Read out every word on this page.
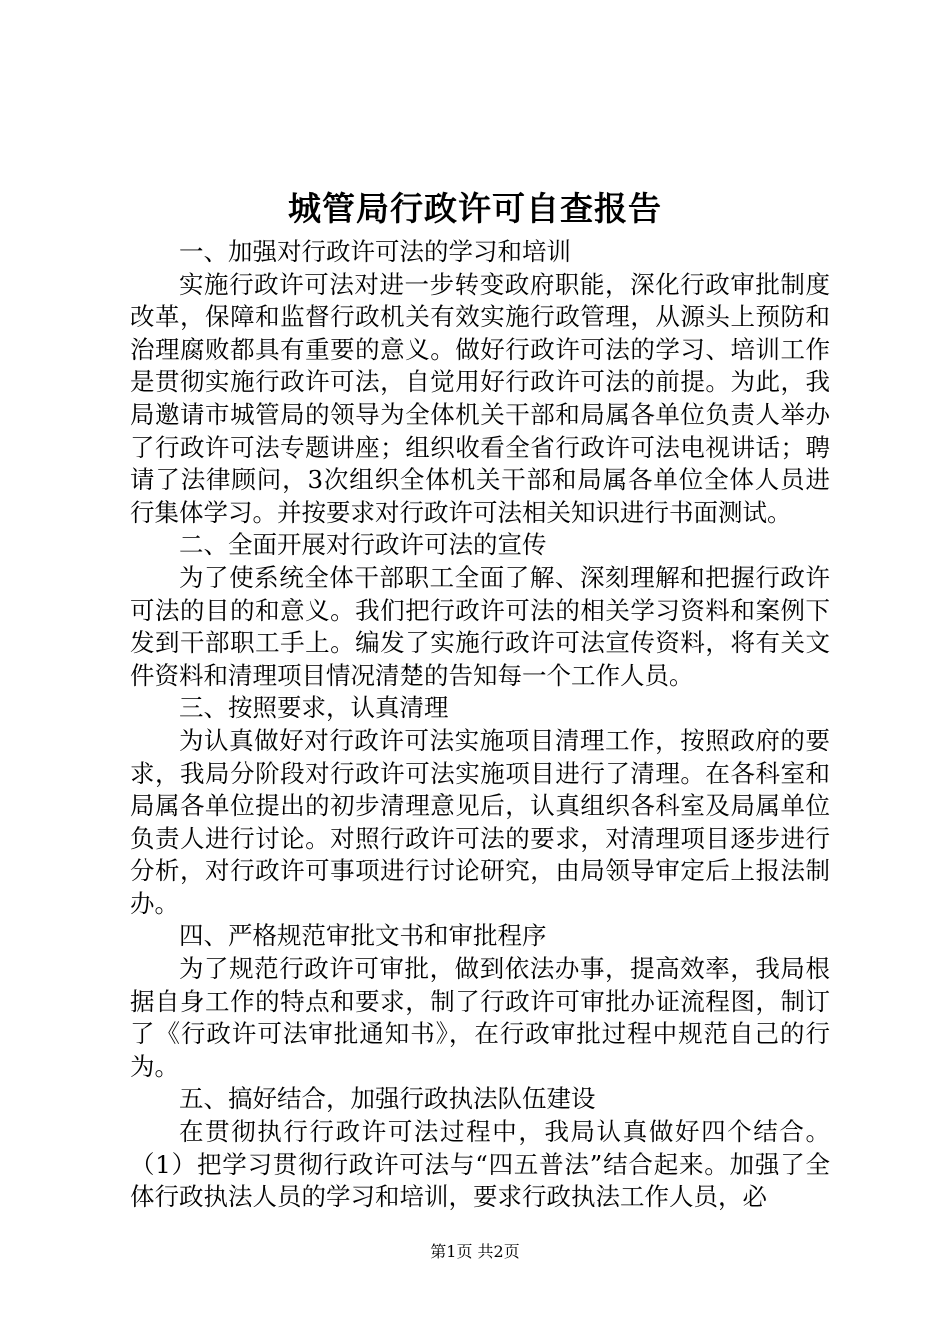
城管局行政许可自查报告

一、加强对行政许可法的学习和培训

实施行政许可法对进一步转变政府职能，深化行政审批制度改革，保障和监督行政机关有效实施行政管理，从源头上预防和治理腐败都具有重要的意义。做好行政许可法的学习、培训工作是贯彻实施行政许可法，自觉用好行政许可法的前提。为此，我局邀请市城管局的领导为全体机关干部和局属各单位负责人举办了行政许可法专题讲座；组织收看全省行政许可法电视讲话；聘请了法律顾问，3次组织全体机关干部和局属各单位全体人员进行集体学习。并按要求对行政许可法相关知识进行书面测试。

二、全面开展对行政许可法的宣传

为了使系统全体干部职工全面了解、深刻理解和把握行政许可法的目的和意义。我们把行政许可法的相关学习资料和案例下发到干部职工手上。编发了实施行政许可法宣传资料，将有关文件资料和清理项目情况清楚的告知每一个工作人员。

三、按照要求，认真清理

为认真做好对行政许可法实施项目清理工作，按照政府的要求，我局分阶段对行政许可法实施项目进行了清理。在各科室和局属各单位提出的初步清理意见后，认真组织各科室及局属单位负责人进行讨论。对照行政许可法的要求，对清理项目逐步进行分析，对行政许可事项进行讨论研究，由局领导审定后上报法制办。

四、严格规范审批文书和审批程序

为了规范行政许可审批，做到依法办事，提高效率，我局根据自身工作的特点和要求，制了行政许可审批办证流程图，制订了《行政许可法审批通知书》，在行政审批过程中规范自己的行为。

五、搞好结合，加强行政执法队伍建设

在贯彻执行行政许可法过程中，我局认真做好四个结合。（1）把学习贯彻行政许可法与“四五普法”结合起来。加强了全体行政执法人员的学习和培训，要求行政执法工作人员，必

第1页 共2页
